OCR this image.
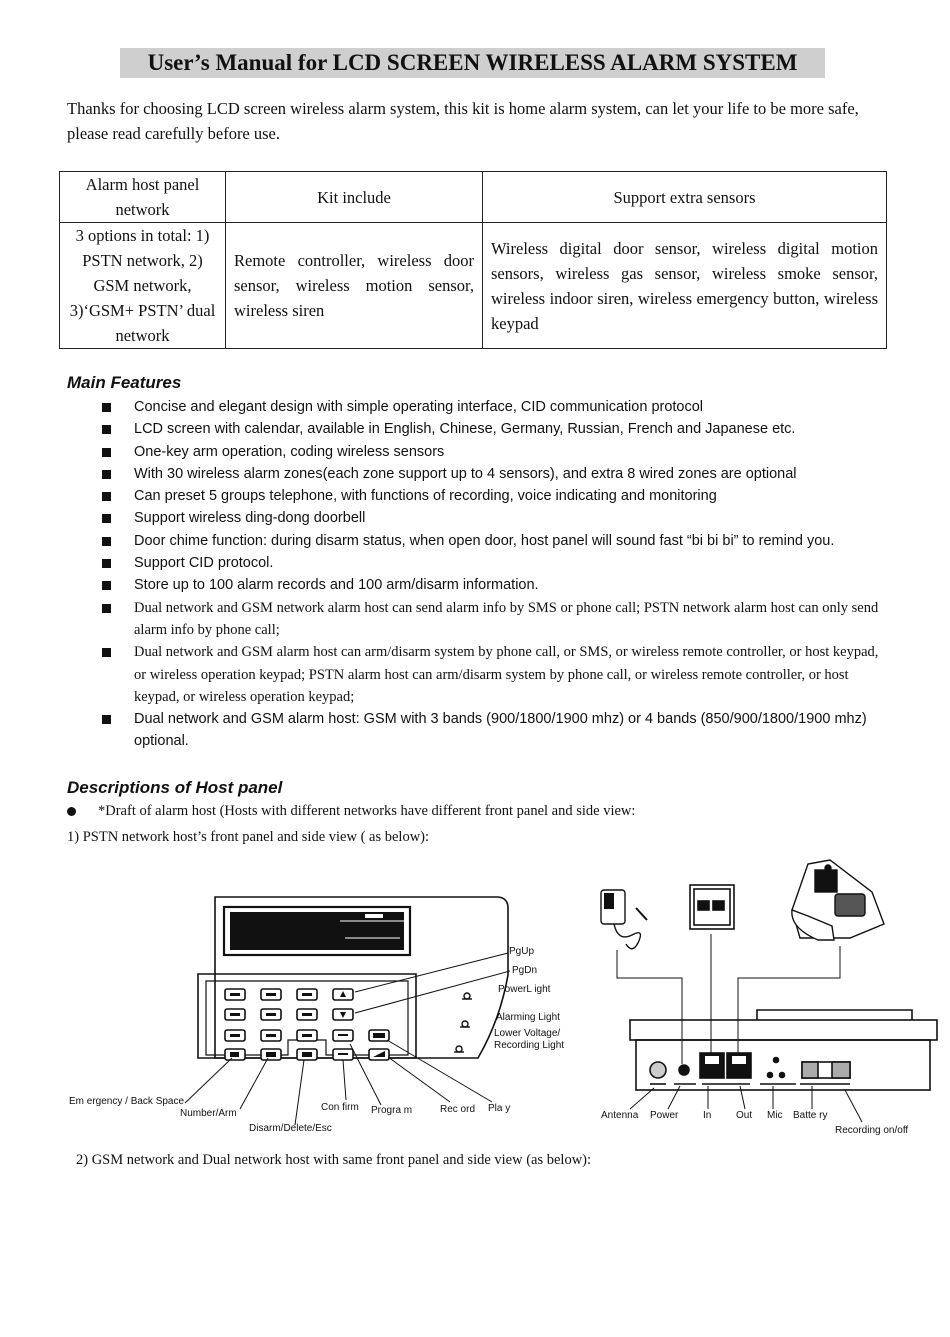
User’s Manual for LCD SCREEN WIRELESS ALARM SYSTEM
Thanks for choosing LCD screen wireless alarm system, this kit is home alarm system, can let your life to be more safe, please read carefully before use.
Alarm host panel network	Kit include	Support extra sensors
3 options in total: 1) PSTN network, 2) GSM network, 3)‘GSM+ PSTN’ dual network	Remote controller, wireless door sensor, wireless motion sensor, wireless siren	Wireless digital door sensor, wireless digital motion sensors, wireless gas sensor, wireless smoke sensor, wireless indoor siren, wireless emergency button, wireless keypad
Main Features
Concise and elegant design with simple operating interface, CID communication protocol
LCD screen with calendar, available in English, Chinese, Germany, Russian, French and Japanese etc.
One-key arm operation, coding wireless sensors
With 30 wireless alarm zones(each zone support up to 4 sensors), and extra 8 wired zones are optional
Can preset 5 groups telephone, with functions of recording, voice indicating and monitoring
Support wireless ding-dong doorbell
Door chime function: during disarm status, when open door, host panel will sound fast “bi bi bi” to remind you.
Support CID protocol.
Store up to 100 alarm records and 100 arm/disarm information.
Dual network and GSM network alarm host can send alarm info by SMS or phone call; PSTN network alarm host can only send alarm info by phone call;
Dual network and GSM alarm host can arm/disarm system by phone call, or SMS, or wireless remote controller, or host keypad, or wireless operation keypad; PSTN alarm host can arm/disarm system by phone call, or wireless remote controller, or host keypad, or wireless operation keypad;
Dual network and GSM alarm host: GSM with 3 bands (900/1800/1900 mhz) or 4 bands (850/900/1800/1900 mhz) optional.
Descriptions of Host panel
*Draft of alarm host (Hosts with different networks have different front panel and side view:
1) PSTN network host’s front panel and side view ( as below):
PgUp
PgDn
PowerL ight
Alarming Light
Lower Voltage/
Recording Light
Em ergency / Back Space
Number/Arm
Disarm/Delete/Esc
Con firm Progra m	Rec ord Pla y
Antenna Power In Out Mic Batte ry
Recording on/off
2) GSM network and Dual network host with same front panel and side view (as below):
